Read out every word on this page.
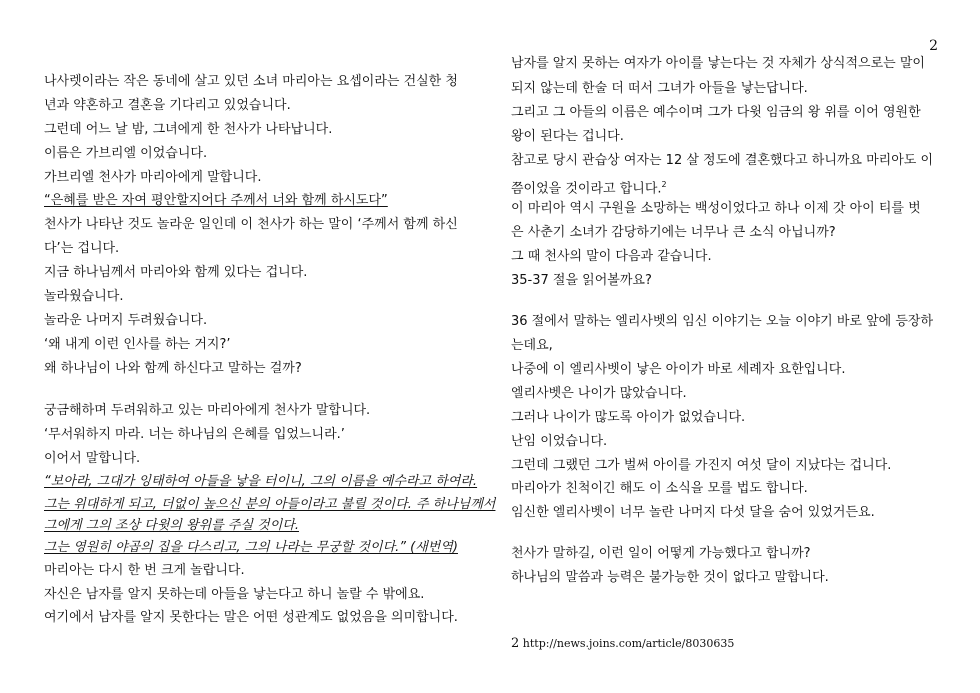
나사렛이라는 작은 동네에 살고 있던 소녀 마리아는 요셉이라는 건실한 청
년과 약혼하고 결혼을 기다리고 있었습니다.
그런데 어느 날 밤, 그녀에게 한 천사가 나타납니다.
이름은 가브리엘 이었습니다.
가브리엘 천사가 마리아에게 말합니다.
“은혜를 받은 자여 평안할지어다 주께서 너와 함께 하시도다”
천사가 나타난 것도 놀라운 일인데 이 천사가 하는 말이 ‘주께서 함께 하신
다’는 겁니다.
지금 하나님께서 마리아와 함께 있다는 겁니다.
놀라웠습니다.
놀라운 나머지 두려웠습니다.
‘왜 내게 이런 인사를 하는 거지?’
왜 하나님이 나와 함께 하신다고 말하는 걸까?
궁금해하며 두려워하고 있는 마리아에게 천사가 말합니다.
‘무서워하지 마라. 너는 하나님의 은혜를 입었느니라.’
이어서 말합니다.
“보아라, 그대가 잉태하여 아들을 낳을 터이니, 그의 이름을 예수라고 하여라.
그는 위대하게 되고, 더없이 높으신 분의 아들이라고 불릴 것이다. 주 하나님께서
그에게 그의 조상 다윗의 왕위를 주실 것이다.
그는 영원히 야곱의 집을 다스리고, 그의 나라는 무궁할 것이다.” (새번역)
마리아는 다시 한 번 크게 놀랍니다.
자신은 남자를 알지 못하는데 아들을 낳는다고 하니 놀랄 수 밖에요.
여기에서 남자를 알지 못한다는 말은 어떤 성관계도 없었음을 의미합니다.
2
남자를 알지 못하는 여자가 아이를 낳는다는 것 자체가 상식적으로는 말이
되지 않는데 한술 더 떠서 그녀가 아들을 낳는답니다.
그리고 그 아들의 이름은 예수이며 그가 다윗 임금의 왕 위를 이어 영원한
왕이 된다는 겁니다.
참고로 당시 관습상 여자는 12 살 정도에 결혼했다고 하니까요 마리아도 이
쯤이었을 것이라고 합니다.$^2$
이 마리아 역시 구원을 소망하는 백성이었다고 하나 이제 갓 아이 티를 벗
은 사춘기 소녀가 감당하기에는 너무나 큰 소식 아닙니까?
그 때 천사의 말이 다음과 같습니다.
35-37 절을 읽어볼까요?
36 절에서 말하는 엘리사벳의 임신 이야기는 오늘 이야기 바로 앞에 등장하
는데요,
나중에 이 엘리사벳이 낳은 아이가 바로 세례자 요한입니다.
엘리사벳은 나이가 많았습니다.
그러나 나이가 많도록 아이가 없었습니다.
난임 이었습니다.
그런데 그랬던 그가 벌써 아이를 가진지 여섯 달이 지났다는 겁니다.
마리아가 친척이긴 해도 이 소식을 모를 법도 합니다.
임신한 엘리사벳이 너무 놀란 나머지 다섯 달을 숨어 있었거든요.
천사가 말하길, 이런 일이 어떻게 가능했다고 합니까?
하나님의 말씀과 능력은 불가능한 것이 없다고 말합니다.
2 http://news.joins.com/article/8030635
